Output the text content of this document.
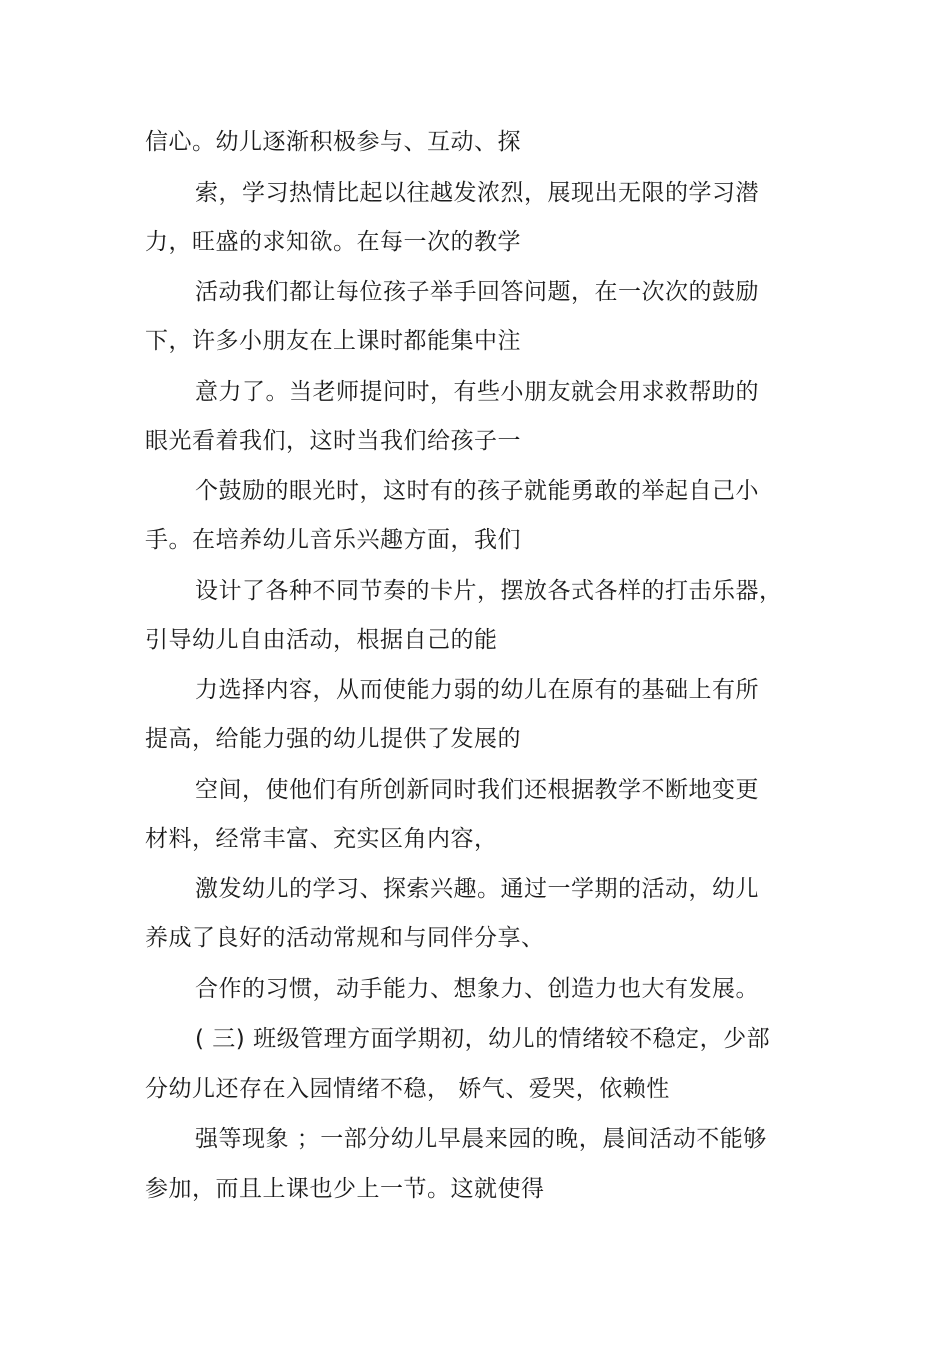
信心。幼儿逐渐积极参与、互动、探
索，学习热情比起以往越发浓烈，展现出无限的学习潜
力，旺盛的求知欲。在每一次的教学
活动我们都让每位孩子举手回答问题，在一次次的鼓励
下，许多小朋友在上课时都能集中注
意力了。当老师提问时，有些小朋友就会用求救帮助的
眼光看着我们，这时当我们给孩子一
个鼓励的眼光时，这时有的孩子就能勇敢的举起自己小
手。在培养幼儿音乐兴趣方面，我们
设计了各种不同节奏的卡片，摆放各式各样的打击乐器，
引导幼儿自由活动，根据自己的能
力选择内容，从而使能力弱的幼儿在原有的基础上有所
提高，给能力强的幼儿提供了发展的
空间，使他们有所创新同时我们还根据教学不断地变更
材料，经常丰富、充实区角内容，
激发幼儿的学习、探索兴趣。通过一学期的活动，幼儿
养成了良好的活动常规和与同伴分享、
合作的习惯，动手能力、想象力、创造力也大有发展。
( 三) 班级管理方面学期初，幼儿的情绪较不稳定，少部
分幼儿还存在入园情绪不稳， 娇气、爱哭，依赖性
强等现象 ；一部分幼儿早晨来园的晚，晨间活动不能够
参加，而且上课也少上一节。这就使得
